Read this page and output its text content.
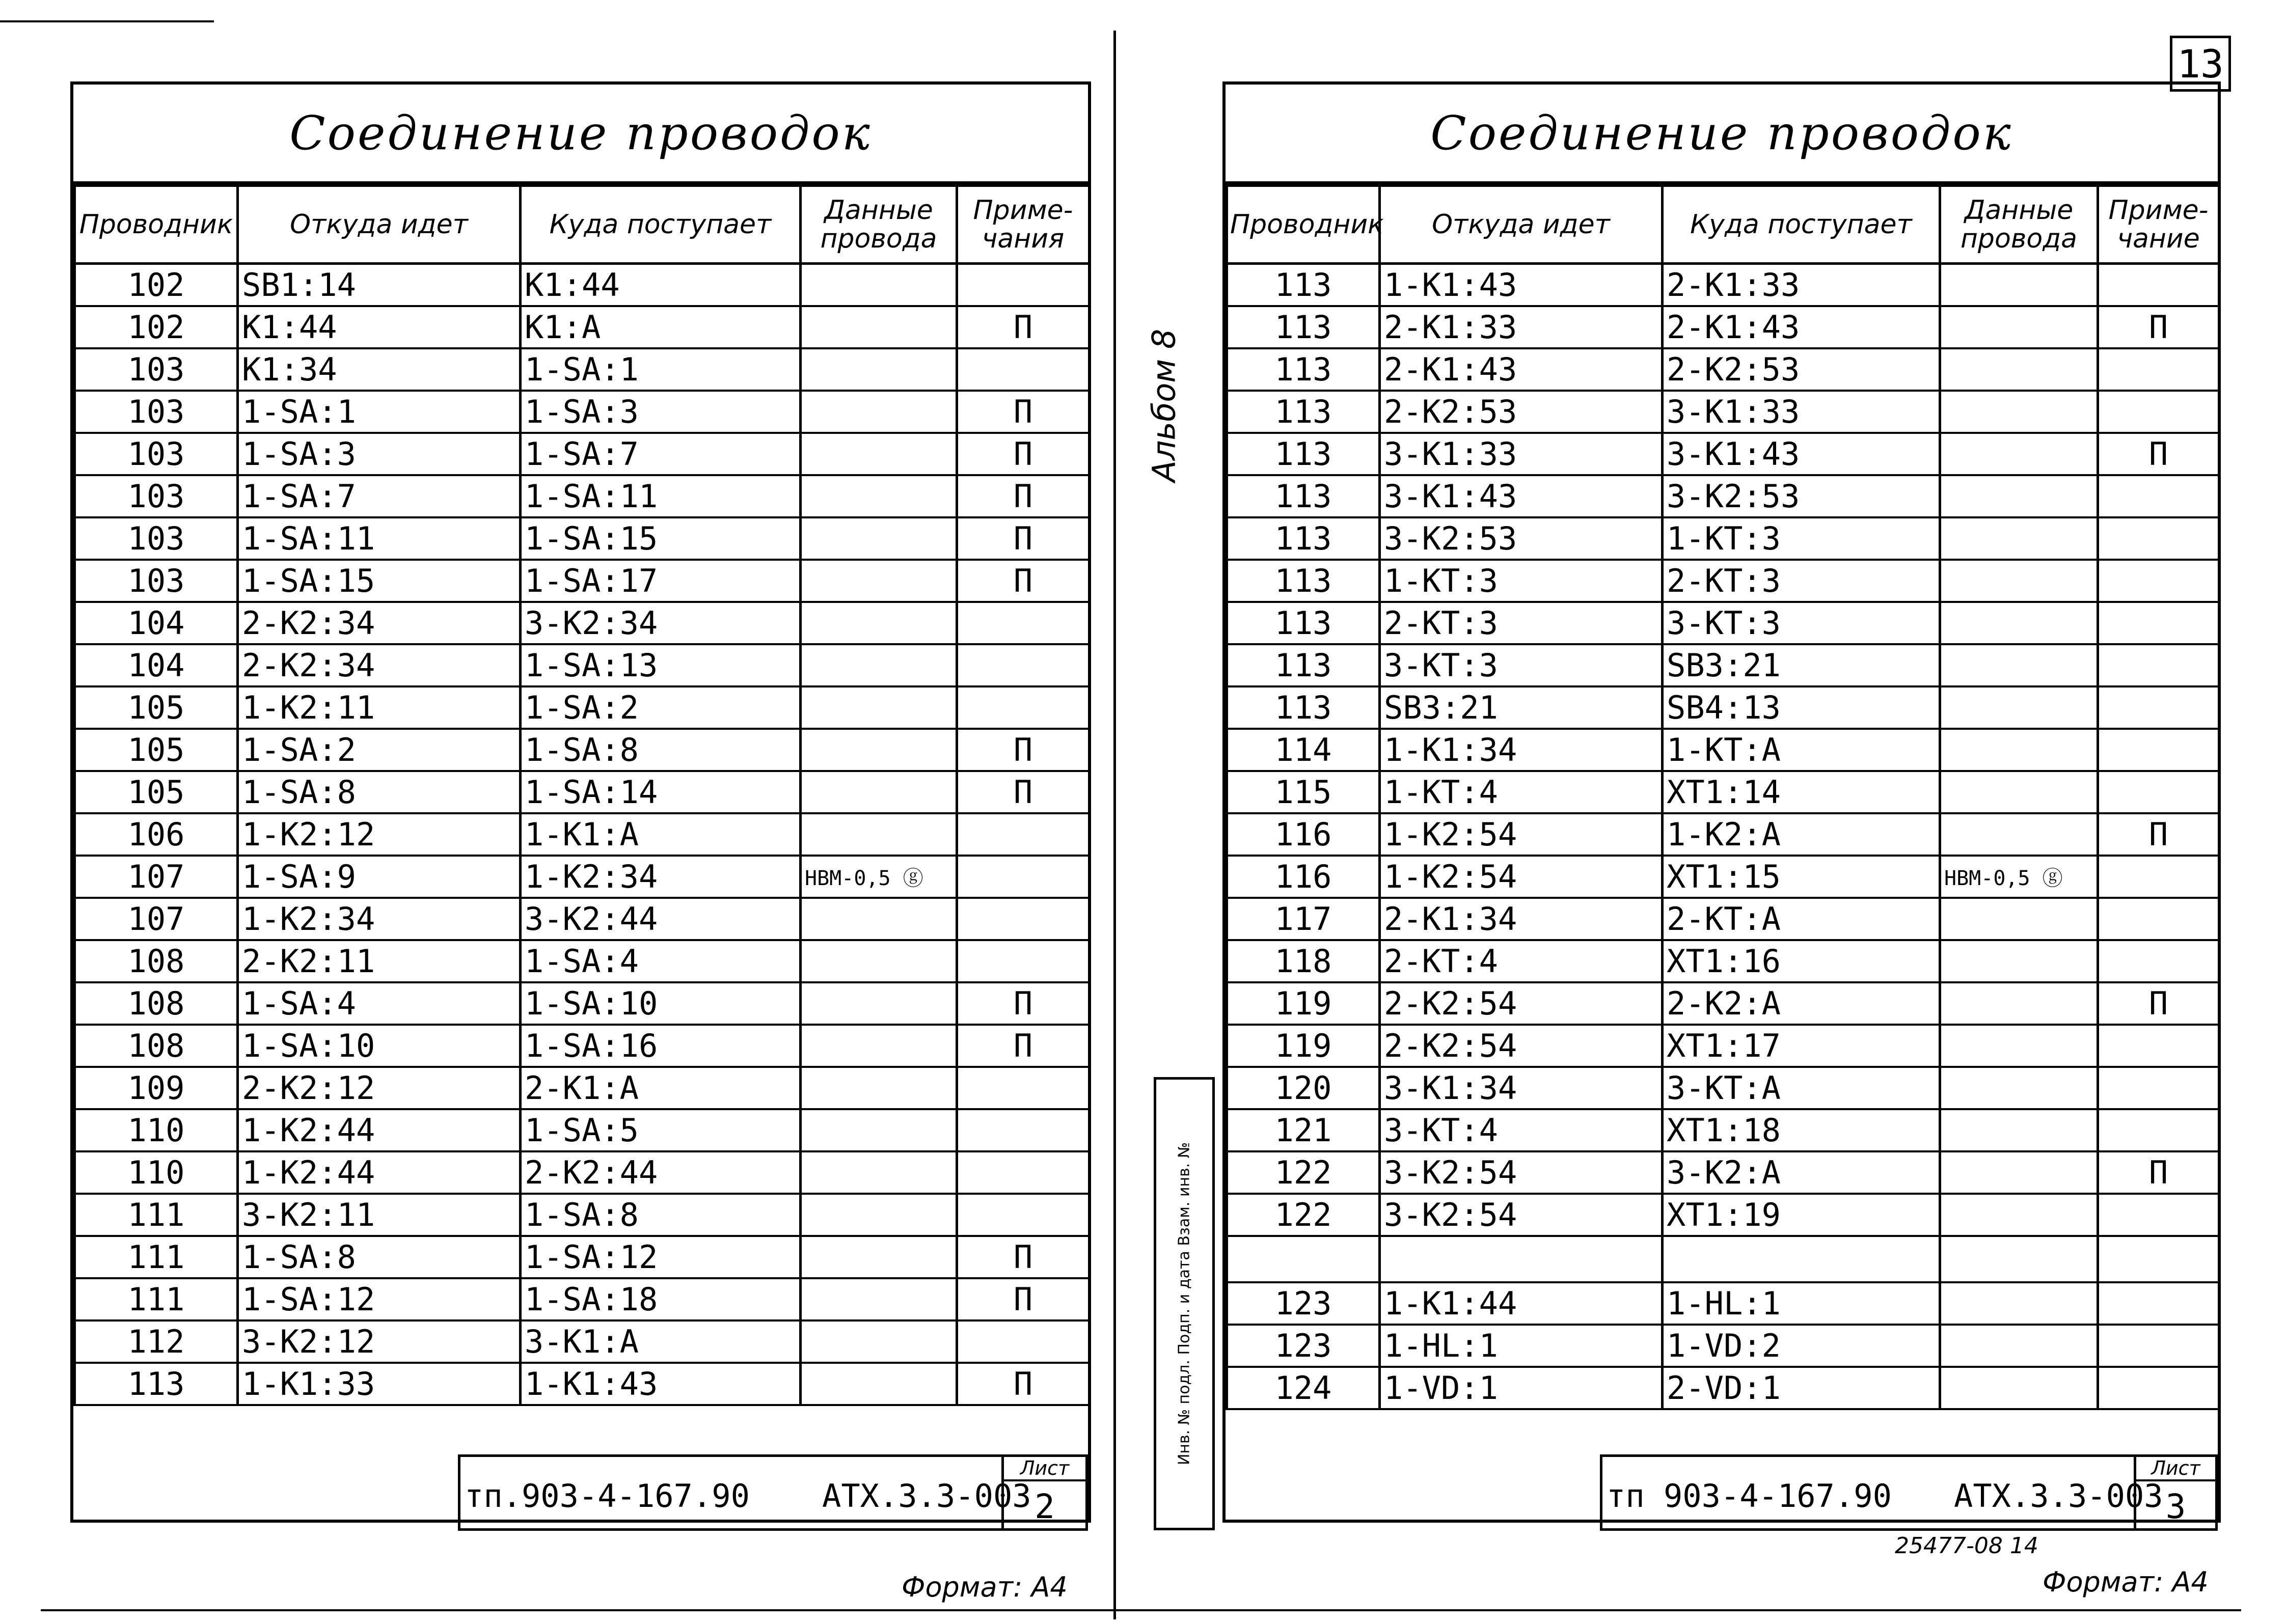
13
Альбом 8
Инв. № подл. Подп. и дата Взам. инв. №
Соединение проводок
Проводник	Откуда идет	Куда поступает	Данные провода	Приме-чания
102	SB1:14	K1:44		
102	K1:44	K1:A		П
103	K1:34	1-SA:1		
103	1-SA:1	1-SA:3		П
103	1-SA:3	1-SA:7		П
103	1-SA:7	1-SA:11		П
103	1-SA:11	1-SA:15		П
103	1-SA:15	1-SA:17		П
104	2-K2:34	3-K2:34		
104	2-K2:34	1-SA:13		
105	1-K2:11	1-SA:2		
105	1-SA:2	1-SA:8		П
105	1-SA:8	1-SA:14		П
106	1-K2:12	1-K1:A		
107	1-SA:9	1-K2:34	НВМ-0,5 ⓖ	
107	1-K2:34	3-K2:44		
108	2-K2:11	1-SA:4		
108	1-SA:4	1-SA:10		П
108	1-SA:10	1-SA:16		П
109	2-K2:12	2-K1:A		
110	1-K2:44	1-SA:5		
110	1-K2:44	2-K2:44		
111	3-K2:11	1-SA:8		
111	1-SA:8	1-SA:12		П
111	1-SA:12	1-SA:18		П
112	3-K2:12	3-K1:A		
113	1-K1:33	1-K1:43		П
тп.903-4-167.90 АТХ.3.3-003
Лист
2
Формат: А4
Соединение проводок
Проводник	Откуда идет	Куда поступает	Данные провода	Приме-чание
113	1-K1:43	2-K1:33		
113	2-K1:33	2-K1:43		П
113	2-K1:43	2-K2:53		
113	2-K2:53	3-K1:33		
113	3-K1:33	3-K1:43		П
113	3-K1:43	3-K2:53		
113	3-K2:53	1-KT:3		
113	1-KT:3	2-KT:3		
113	2-KT:3	3-KT:3		
113	3-KT:3	SB3:21		
113	SB3:21	SB4:13		
114	1-K1:34	1-KT:A		
115	1-KT:4	XT1:14		
116	1-K2:54	1-K2:A		П
116	1-K2:54	XT1:15	НВМ-0,5 ⓖ	
117	2-K1:34	2-KT:A		
118	2-KT:4	XT1:16		
119	2-K2:54	2-K2:A		П
119	2-K2:54	XT1:17		
120	3-K1:34	3-KT:A		
121	3-KT:4	XT1:18		
122	3-K2:54	3-K2:A		П
122	3-K2:54	XT1:19		

123	1-K1:44	1-HL:1		
123	1-HL:1	1-VD:2		
124	1-VD:1	2-VD:1		
тп 903-4-167.90 АТХ.3.3-003
Лист
3
25477-08 14
Формат: А4
